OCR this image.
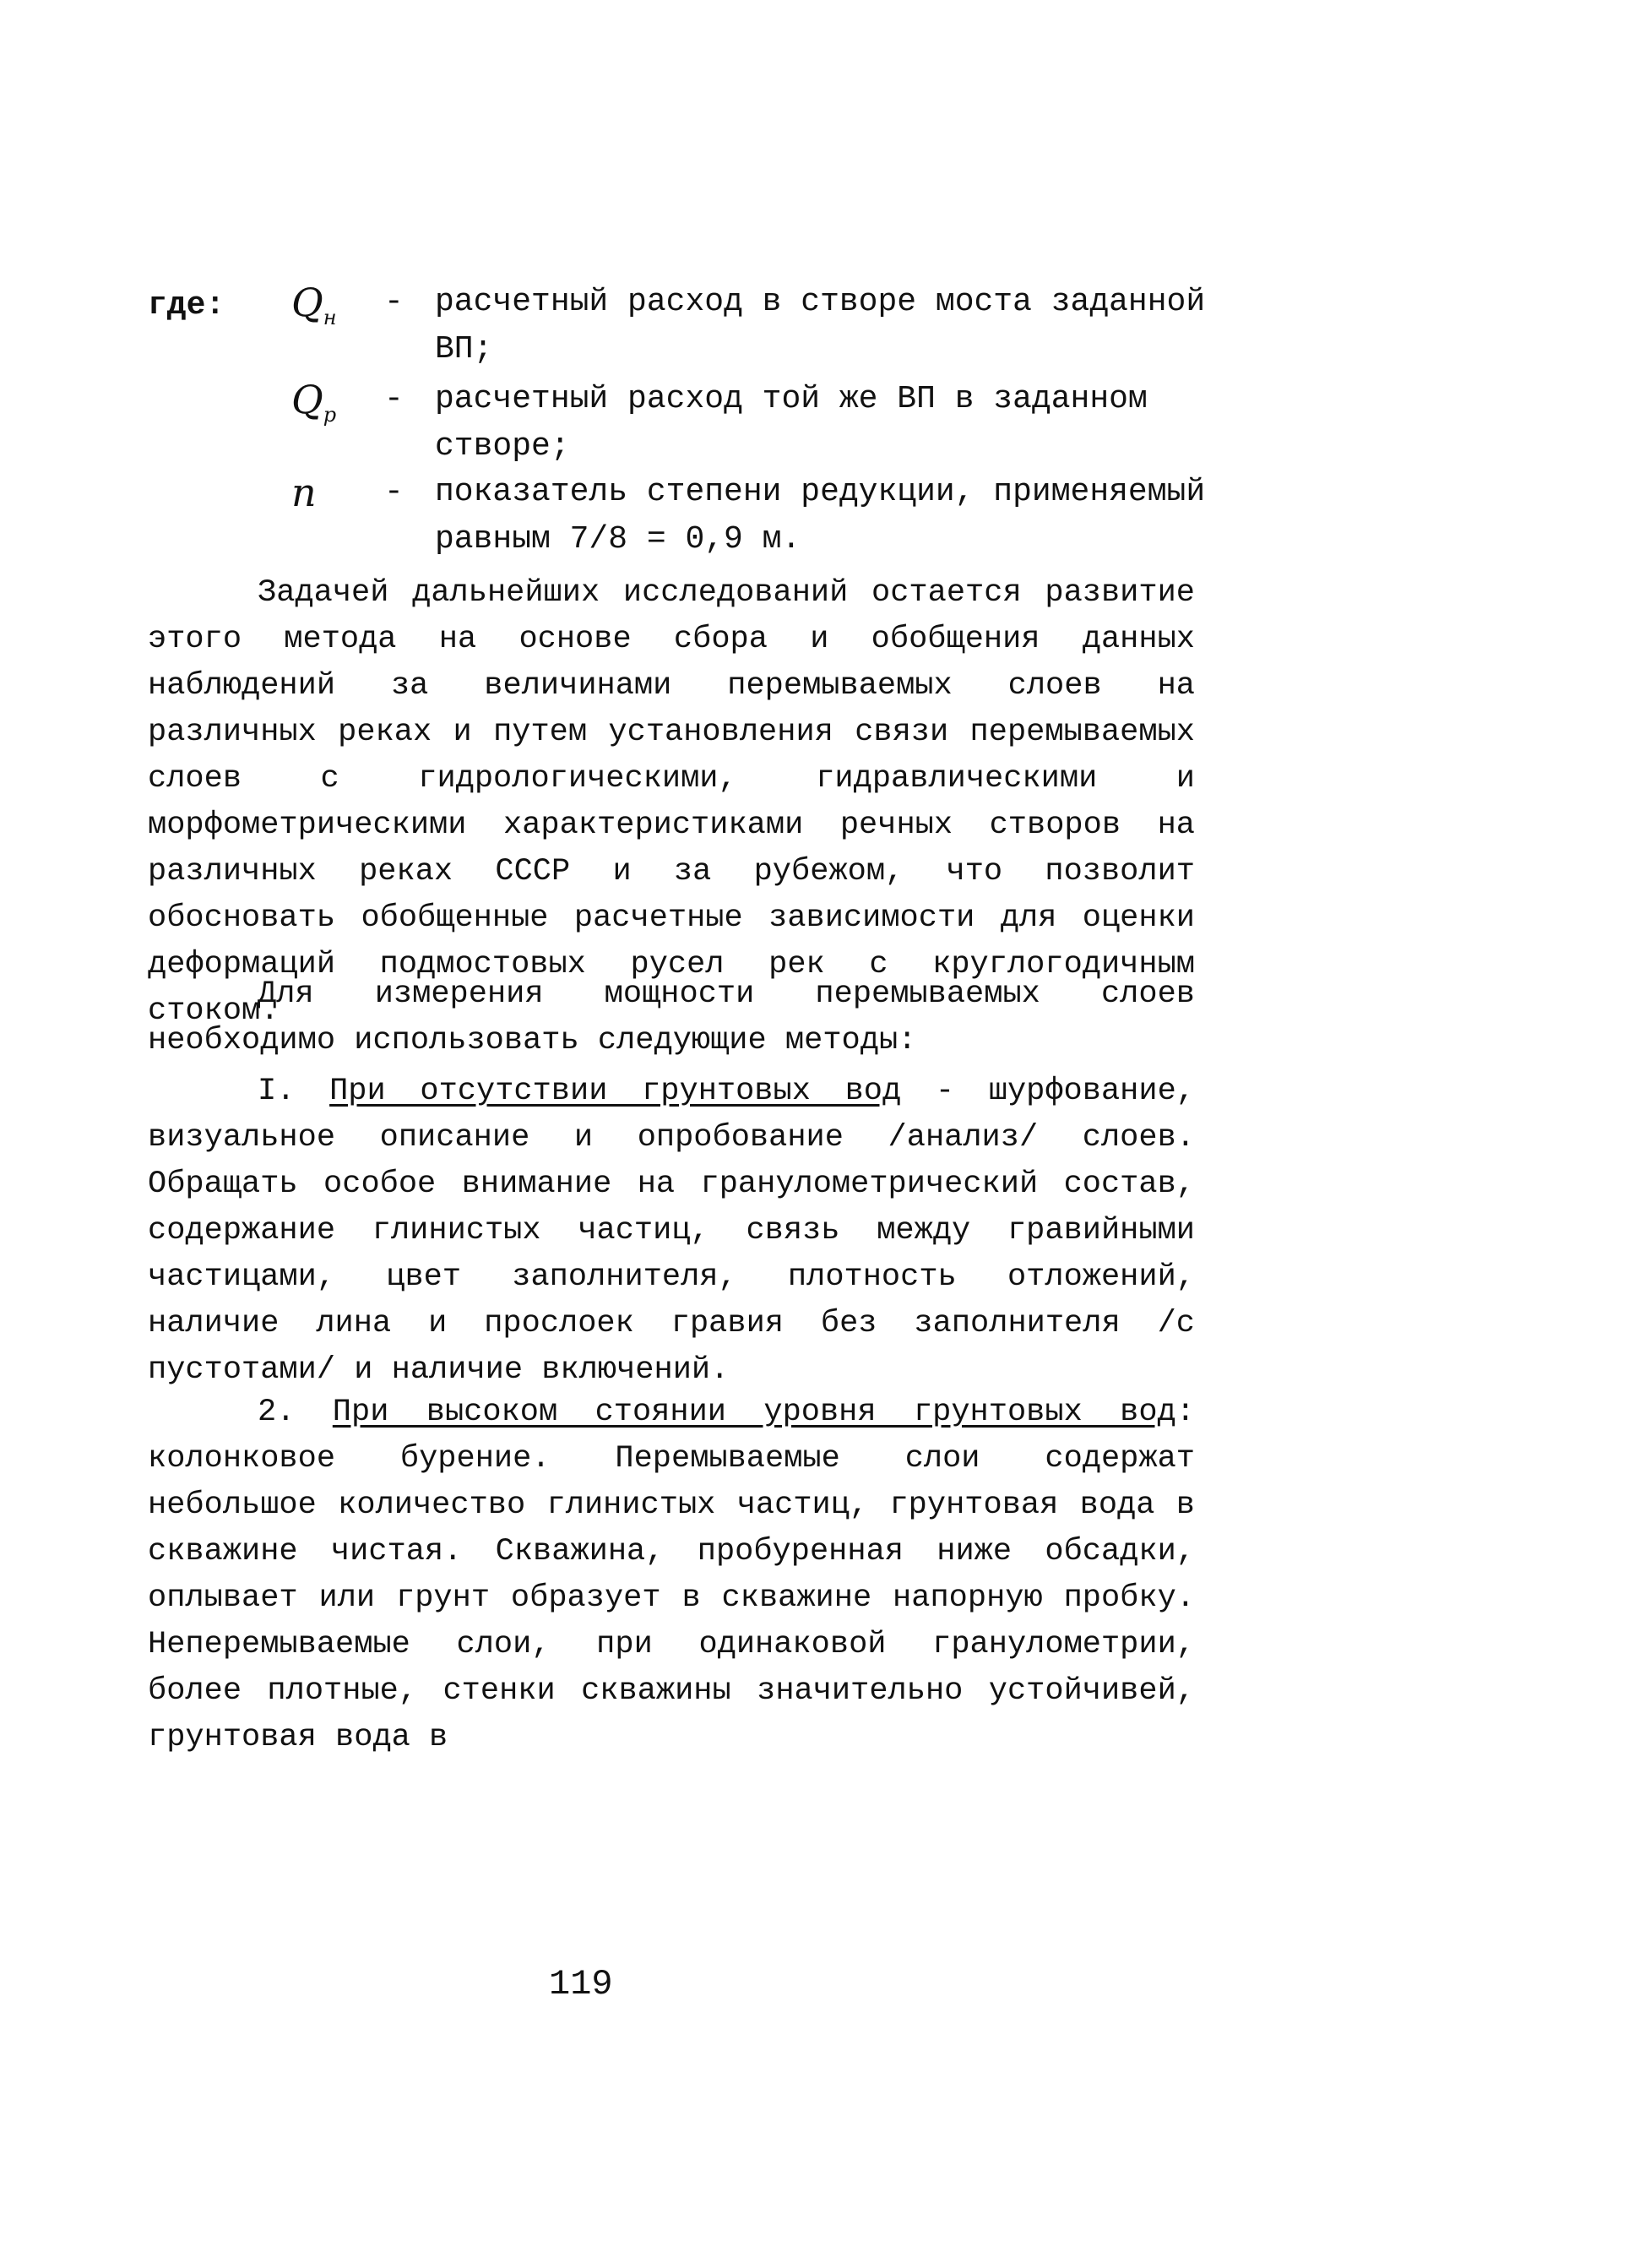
где: $Q_н$	- расчетный расход в створе моста заданной ВП;
$Q_р$	- расчетный расход той же ВП в заданном створе;
n	- показатель степени редукции, применяемый равным 7/8 = 0,9 м.

Задачей дальнейших исследований остается развитие этого метода на основе сбора и обобщения данных наблюдений за величинами перемываемых слоев на различных реках и путем установления связи перемываемых слоев с гидрологическими, гидравлическими и морфометрическими характеристиками речных створов на различных реках СССР и за рубежом, что позволит обосновать обобщенные расчетные зависимости для оценки деформаций подмостовых русел рек с круглогодичным стоком.

Для измерения мощности перемываемых слоев необходимо использовать следующие методы:

I. При отсутствии грунтовых вод - шурфование, визуальное описание и опробование /анализ/ слоев. Обращать особое внимание на гранулометрический состав, содержание глинистых частиц, связь между гравийными частицами, цвет заполнителя, плотность отложений, наличие лина и прослоек гравия без заполнителя /с пустотами/ и наличие включений.

2. При высоком стоянии уровня грунтовых вод: колонковое бурение. Перемываемые слои содержат небольшое количество глинистых частиц, грунтовая вода в скважине чистая. Скважина, пробуренная ниже обсадки, оплывает или грунт образует в скважине напорную пробку. Неперемываемые слои, при одинаковой гранулометрии, более плотные, стенки скважины значительно устойчивей, грунтовая вода в

119
